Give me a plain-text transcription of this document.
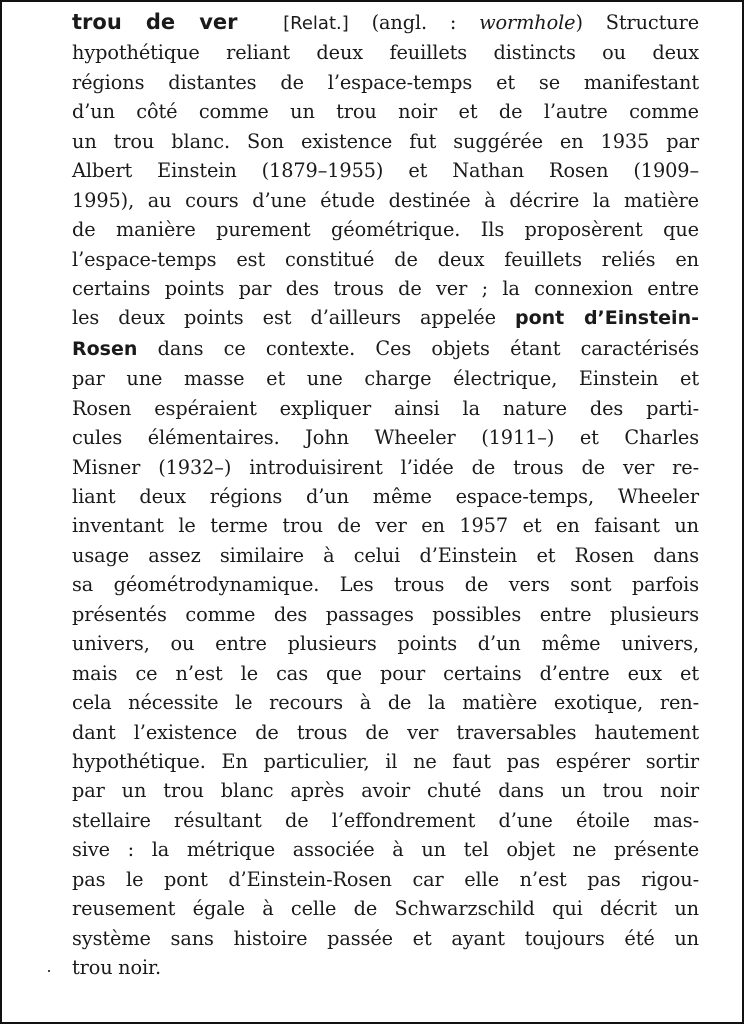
trou de ver	[Relat.] (angl. : wormhole) Structure
hypothétique reliant deux feuillets distincts ou deux
régions distantes de l’espace-temps et se manifestant
d’un côté comme un trou noir et de l’autre comme
un trou blanc. Son existence fut suggérée en 1935 par
Albert Einstein (1879–1955) et Nathan Rosen (1909–
1995), au cours d’une étude destinée à décrire la matière
de manière purement géométrique. Ils proposèrent que
l’espace-temps est constitué de deux feuillets reliés en
certains points par des trous de ver ; la connexion entre
les deux points est d’ailleurs appelée pont d’Einstein-
Rosen dans ce contexte. Ces objets étant caractérisés
par une masse et une charge électrique, Einstein et
Rosen espéraient expliquer ainsi la nature des parti-
cules élémentaires. John Wheeler (1911–) et Charles
Misner (1932–) introduisirent l’idée de trous de ver re-
liant deux régions d’un même espace-temps, Wheeler
inventant le terme trou de ver en 1957 et en faisant un
usage assez similaire à celui d’Einstein et Rosen dans
sa géométrodynamique. Les trous de vers sont parfois
présentés comme des passages possibles entre plusieurs
univers, ou entre plusieurs points d’un même univers,
mais ce n’est le cas que pour certains d’entre eux et
cela nécessite le recours à de la matière exotique, ren-
dant l’existence de trous de ver traversables hautement
hypothétique. En particulier, il ne faut pas espérer sortir
par un trou blanc après avoir chuté dans un trou noir
stellaire résultant de l’effondrement d’une étoile mas-
sive : la métrique associée à un tel objet ne présente
pas le pont d’Einstein-Rosen car elle n’est pas rigou-
reusement égale à celle de Schwarzschild qui décrit un
système sans histoire passée et ayant toujours été un
trou noir.
